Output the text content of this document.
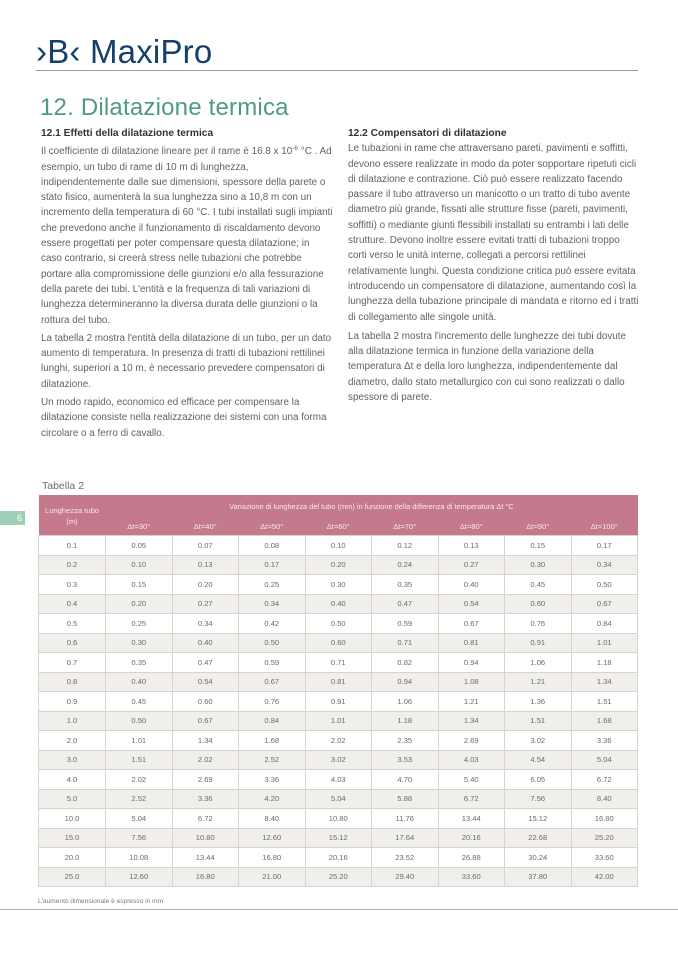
›B‹ MaxiPro
12. Dilatazione termica
12.1 Effetti della dilatazione termica

Il coefficiente di dilatazione lineare per il rame è 16.8 x $10^{-6}$ °C . Ad esempio, un tubo di rame di 10 m di lunghezza, indipendentemente dalle sue dimensioni, spessore della parete o stato fisico, aumenterà la sua lunghezza sino a 10,8 m con un incremento della temperatura di 60 °C. I tubi installati sugli impianti che prevedono anche il funzionamento di riscaldamento devono essere progettati per poter compensare questa dilatazione; in caso contrario, si creerà stress nelle tubazioni che potrebbe portare alla compromissione delle giunzioni e/o alla fessurazione della parete dei tubi. L'entità e la frequenza di tali variazioni di lunghezza determineranno la diversa durata delle giunzioni o la rottura del tubo.

La tabella 2 mostra l'entità della dilatazione di un tubo, per un dato aumento di temperatura. In presenza di tratti di tubazioni rettilinei lunghi, superiori a 10 m, è necessario prevedere compensatori di dilatazione.

Un modo rapido, economico ed efficace per compensare la dilatazione consiste nella realizzazione dei sistemi con una forma circolare o a ferro di cavallo.

12.2 Compensatori di dilatazione

Le tubazioni in rame che attraversano pareti, pavimenti e soffitti, devono essere realizzate in modo da poter sopportare ripetuti cicli di dilatazione e contrazione. Ciò può essere realizzato facendo passare il tubo attraverso un manicotto o un tratto di tubo avente diametro più grande, fissati alle strutture fisse (pareti, pavimenti, soffitti) o mediante giunti flessibili installati su entrambi i lati delle strutture. Devono inoltre essere evitati tratti di tubazioni troppo corti verso le unità interne, collegati a percorsi rettilinei relativamente lunghi. Questa condizione critica può essere evitata introducendo un compensatore di dilatazione, aumentando così la lunghezza della tubazione principale di mandata e ritorno ed i tratti di collegamento alle singole unità.

La tabella 2 mostra l'incremento delle lunghezze dei tubi dovute alla dilatazione termica in funzione della variazione della temperatura Δt e della loro lunghezza, indipendentemente dal diametro, dallo stato metallurgico con cui sono realizzati o dallo spessore di parete.

Tabella 2
6
Lunghezza tubo (m)	Variazione di lunghezza del tubo (mm) in funzione della differenza di temperatura Δt °C							
	Δt=30°	Δt=40°	Δt=50°	Δt=60°	Δt=70°	Δt=80°	Δt=90°	Δt=100°
0.1	0.05	0.07	0.08	0.10	0.12	0.13	0.15	0.17
0.2	0.10	0.13	0.17	0.20	0.24	0.27	0.30	0.34
0.3	0.15	0.20	0.25	0.30	0.35	0.40	0.45	0.50
0.4	0.20	0.27	0.34	0.40	0.47	0.54	0.60	0.67
0.5	0.25	0.34	0.42	0.50	0.59	0.67	0.76	0.84
0.6	0.30	0.40	0.50	0.60	0.71	0.81	0.91	1.01
0.7	0.35	0.47	0.59	0.71	0.82	0.94	1.06	1.18
0.8	0.40	0.54	0.67	0.81	0.94	1.08	1.21	1.34
0.9	0.45	0.60	0.76	0.91	1.06	1.21	1.36	1.51
1.0	0.50	0.67	0.84	1.01	1.18	1.34	1.51	1.68
2.0	1.01	1.34	1.68	2.02	2.35	2.69	3.02	3.36
3.0	1.51	2.02	2.52	3.02	3.53	4.03	4.54	5.04
4.0	2.02	2.69	3.36	4.03	4.70	5.40	6.05	6.72
5.0	2.52	3.36	4.20	5.04	5.88	6.72	7.56	8.40
10.0	5.04	6.72	8.40	10.80	11.76	13.44	15.12	16.80
15.0	7.56	10.80	12.60	15.12	17.64	20.16	22.68	25.20
20.0	10.08	13.44	16.80	20.16	23.52	26.88	30.24	33.60
25.0	12.60	16.80	21.00	25.20	29.40	33.60	37.80	42.00
L'aumento dimensionale è espresso in mm
